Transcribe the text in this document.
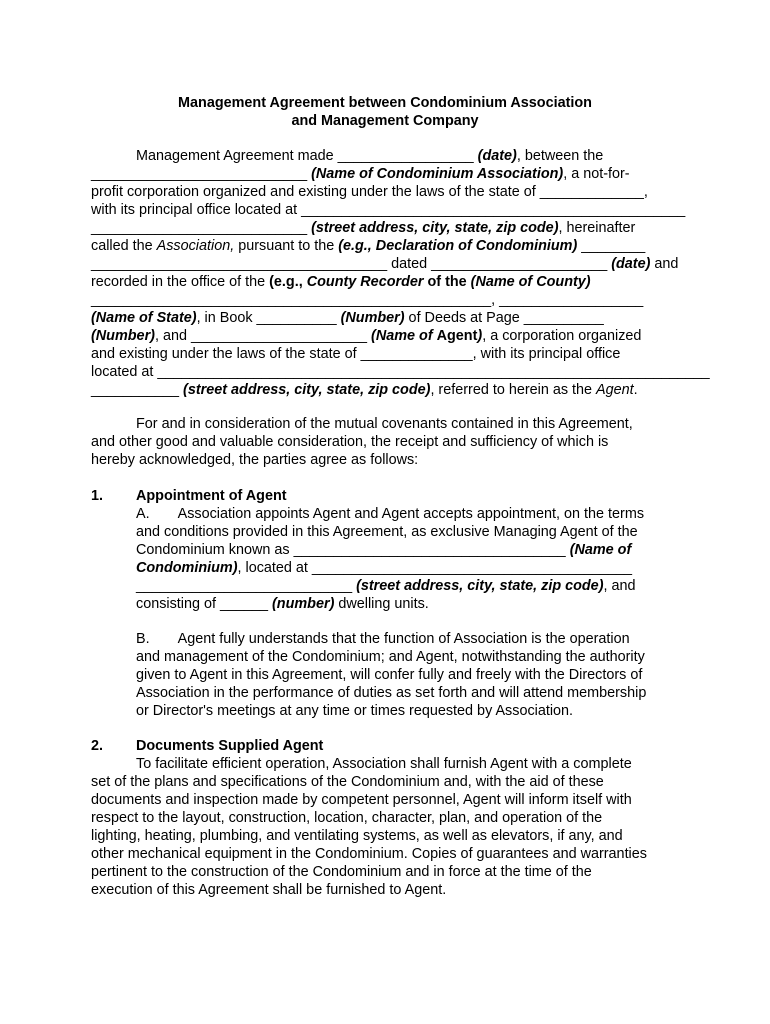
Management Agreement between Condominium Association
and Management Company
Management Agreement made _________________ (date), between the
___________________________ (Name of Condominium Association), a not-for-
profit corporation organized and existing under the laws of the state of _____________,
with its principal office located at ________________________________________________
___________________________ (street address, city, state, zip code), hereinafter
called the Association, pursuant to the (e.g., Declaration of Condominium) ________
_____________________________________ dated ______________________ (date) and
recorded in the office of the (e.g., County Recorder of the (Name of County)
__________________________________________________, __________________
(Name of State), in Book __________ (Number) of Deeds at Page __________
(Number), and ______________________ (Name of Agent), a corporation organized
and existing under the laws of the state of ______________, with its principal office
located at _____________________________________________________________________
___________ (street address, city, state, zip code), referred to herein as the Agent.
For and in consideration of the mutual covenants contained in this Agreement,
and other good and valuable consideration, the receipt and sufficiency of which is
hereby acknowledged, the parties agree as follows:
1. Appointment of Agent
A. Association appoints Agent and Agent accepts appointment, on the terms
and conditions provided in this Agreement, as exclusive Managing Agent of the
Condominium known as __________________________________ (Name of
Condominium), located at ________________________________________
___________________________ (street address, city, state, zip code), and
consisting of ______ (number) dwelling units.
B. Agent fully understands that the function of Association is the operation
and management of the Condominium; and Agent, notwithstanding the authority
given to Agent in this Agreement, will confer fully and freely with the Directors of
Association in the performance of duties as set forth and will attend membership
or Director's meetings at any time or times requested by Association.
2. Documents Supplied Agent
To facilitate efficient operation, Association shall furnish Agent with a complete
set of the plans and specifications of the Condominium and, with the aid of these
documents and inspection made by competent personnel, Agent will inform itself with
respect to the layout, construction, location, character, plan, and operation of the
lighting, heating, plumbing, and ventilating systems, as well as elevators, if any, and
other mechanical equipment in the Condominium. Copies of guarantees and warranties
pertinent to the construction of the Condominium and in force at the time of the
execution of this Agreement shall be furnished to Agent.
